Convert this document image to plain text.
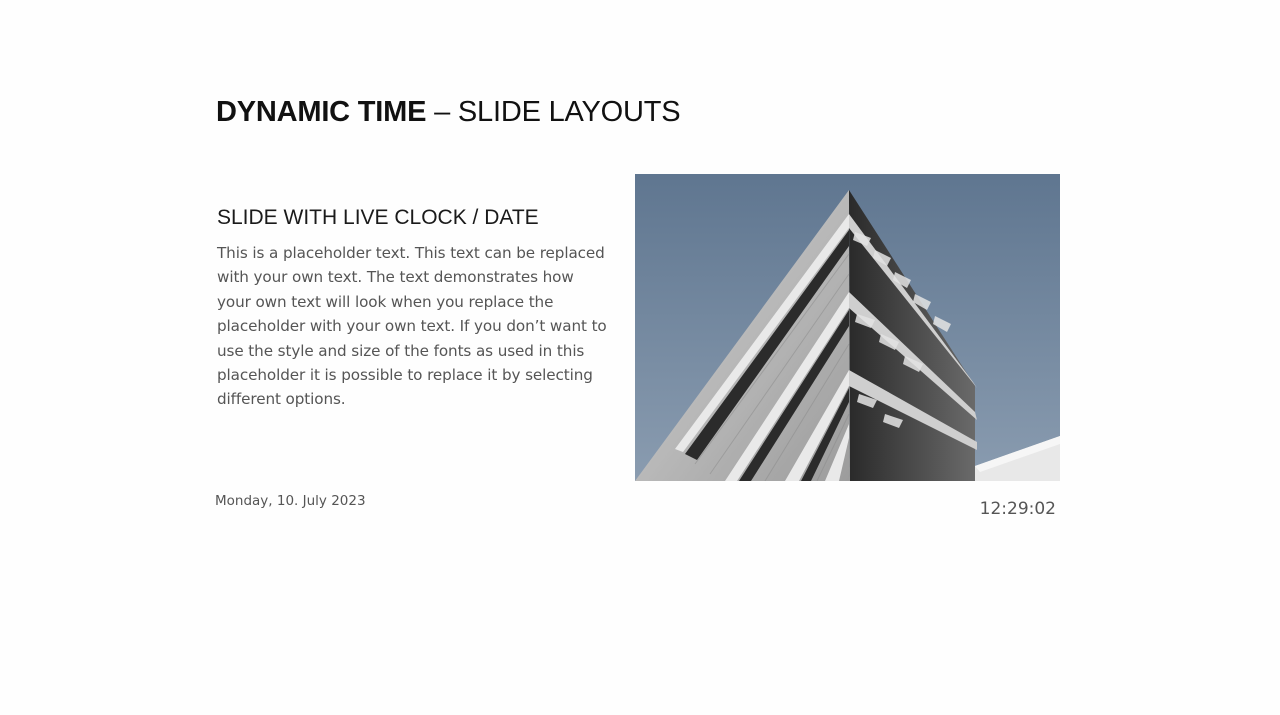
DYNAMIC TIME – SLIDE LAYOUTS
SLIDE WITH LIVE CLOCK / DATE
This is a placeholder text. This text can be replaced with your own text. The text demonstrates how your own text will look when you replace the placeholder with your own text. If you don’t want to use the style and size of the fonts as used in this placeholder it is possible to replace it by selecting different options.
Monday, 10. July 2023	12:29:02
